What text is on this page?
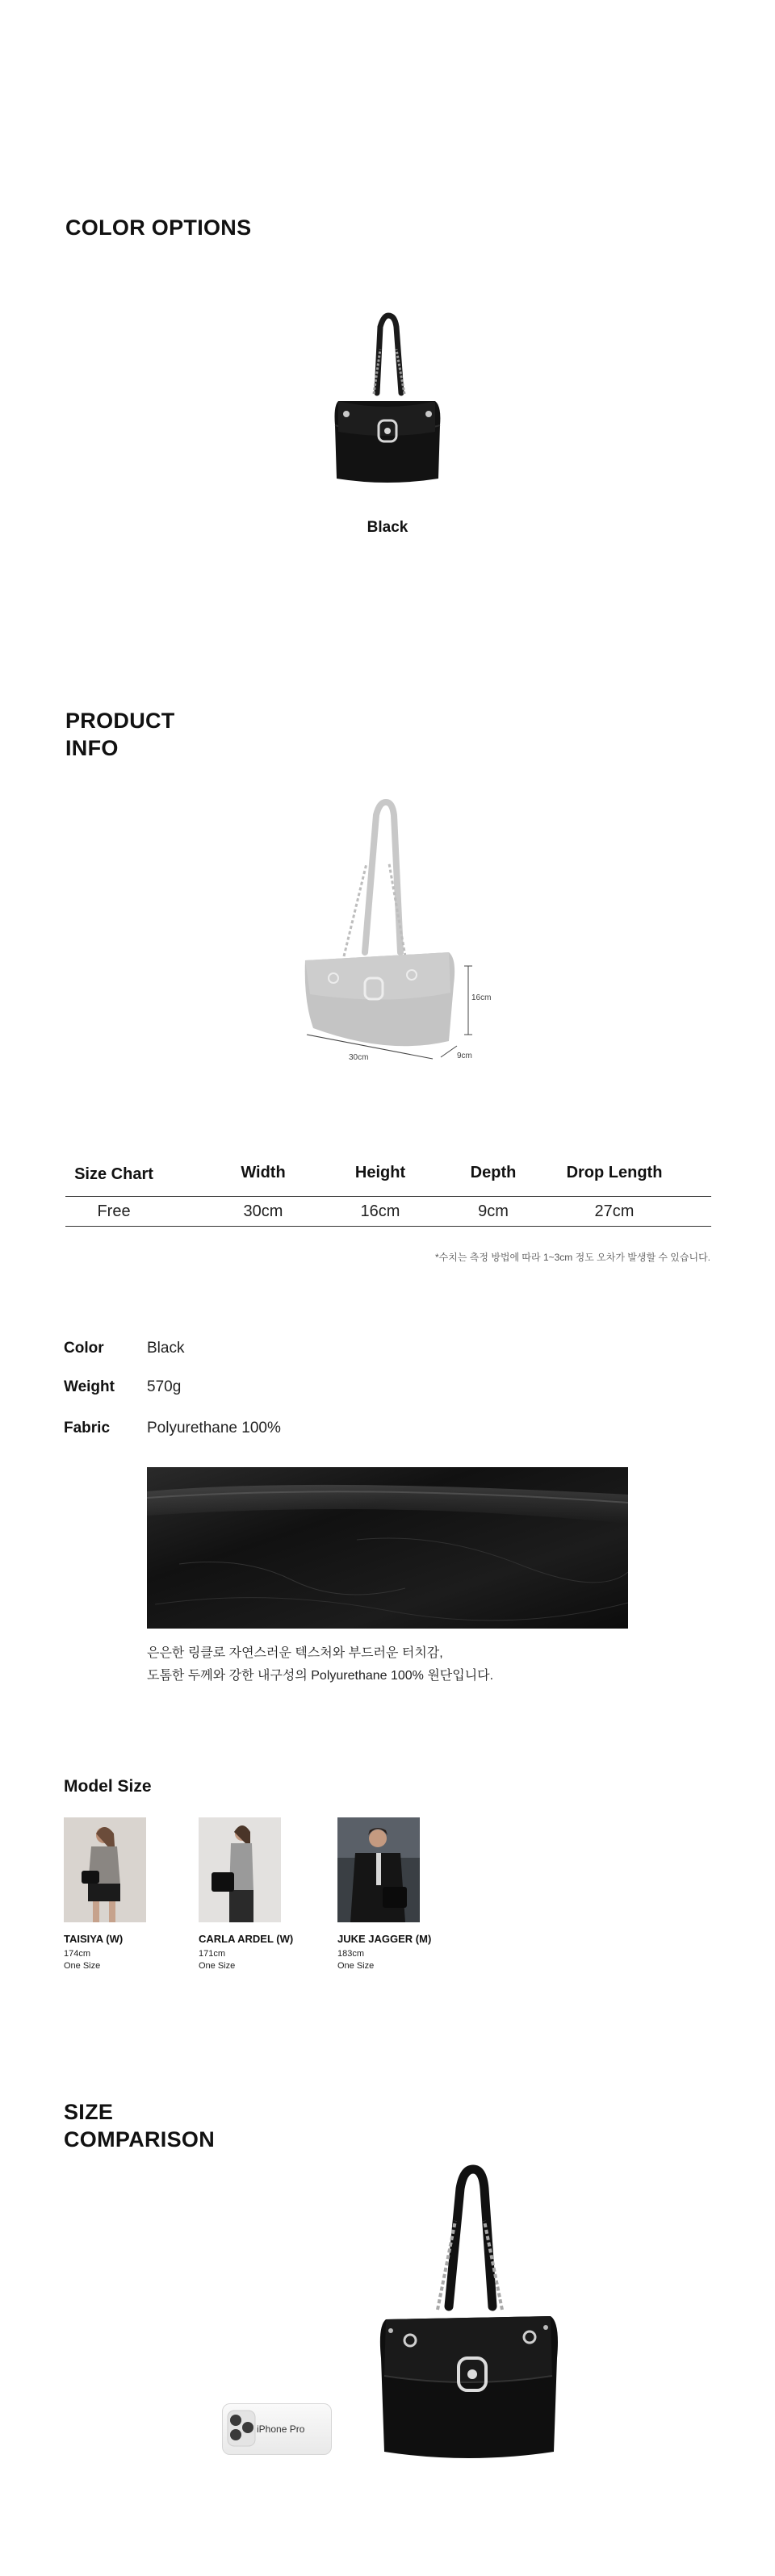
COLOR OPTIONS
Black
PRODUCT
INFO
16cm
30cm	9cm
Size Chart	Width	Height	Depth	Drop Length
Free	30cm	16cm	9cm	27cm
*수치는 측정 방법에 따라 1~3cm 정도 오차가 발생할 수 있습니다.
Color	Black
Weight 570g
Fabric Polyurethane 100%
은은한 링클로 자연스러운 텍스처와 부드러운 터치감,
도톰한 두께와 강한 내구성의 Polyurethane 100% 원단입니다.
Model Size
TAISIYA (W)
174cm
One Size
CARLA ARDEL (W)
171cm
One Size
JUKE JAGGER (M)
183cm
One Size
SIZE
COMPARISON
iPhone Pro
